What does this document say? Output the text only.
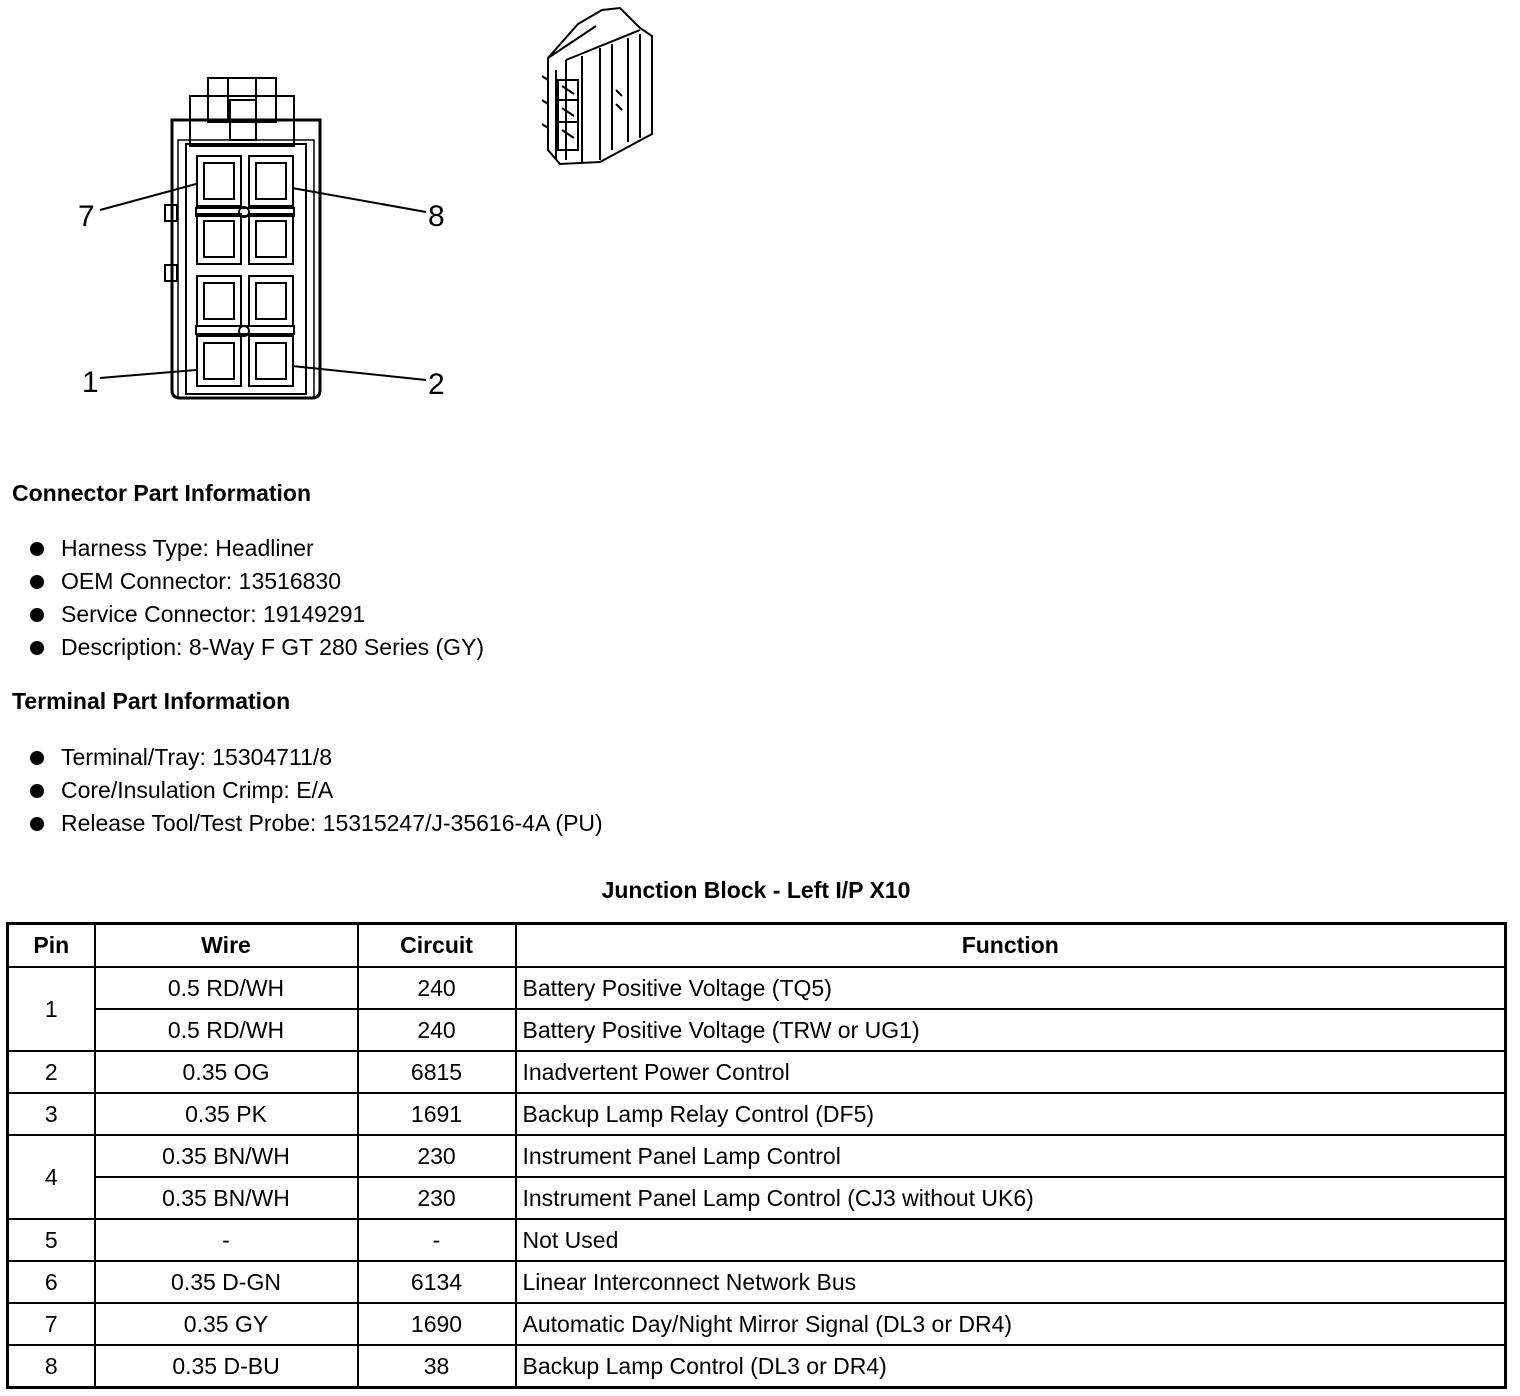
7	8
1	2
Connector Part Information
Harness Type: Headliner
OEM Connector: 13516830
Service Connector: 19149291
Description: 8-Way F GT 280 Series (GY)
Terminal Part Information
Terminal/Tray: 15304711/8
Core/Insulation Crimp: E/A
Release Tool/Test Probe: 15315247/J-35616-4A (PU)
Junction Block - Left I/P X10
Pin	Wire	Circuit	Function
1	0.5 RD/WH	240	Battery Positive Voltage (TQ5)
	0.5 RD/WH	240	Battery Positive Voltage (TRW or UG1)
2	0.35 OG	6815	Inadvertent Power Control
3	0.35 PK	1691	Backup Lamp Relay Control (DF5)
4	0.35 BN/WH	230	Instrument Panel Lamp Control
	0.35 BN/WH	230	Instrument Panel Lamp Control (CJ3 without UK6)
5	-	-	Not Used
6	0.35 D-GN	6134	Linear Interconnect Network Bus
7	0.35 GY	1690	Automatic Day/Night Mirror Signal (DL3 or DR4)
8	0.35 D-BU	38	Backup Lamp Control (DL3 or DR4)
